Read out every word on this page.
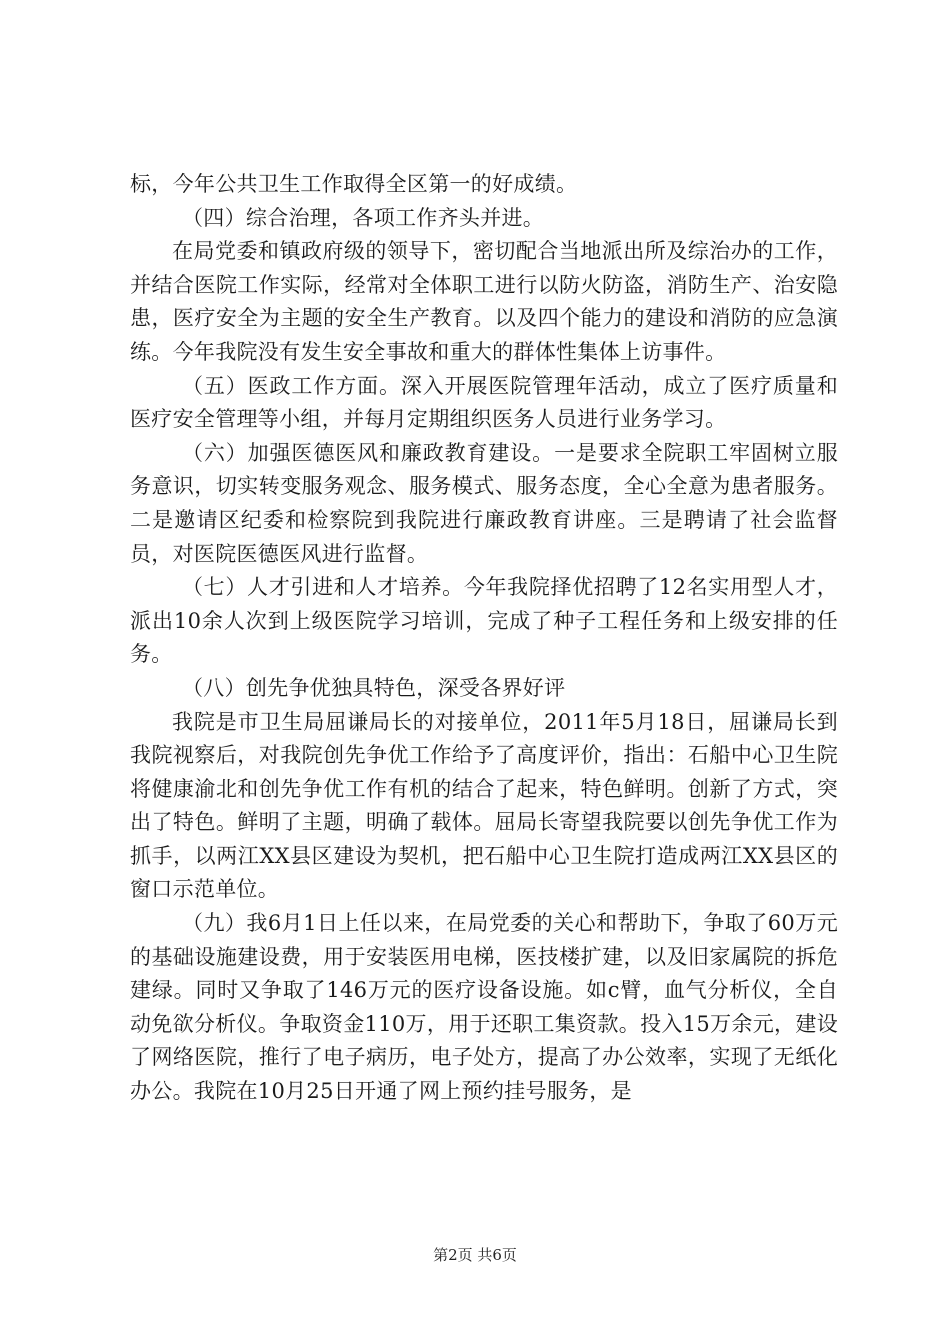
标，今年公共卫生工作取得全区第一的好成绩。

（四）综合治理，各项工作齐头并进。

在局党委和镇政府级的领导下，密切配合当地派出所及综治办的工作，并结合医院工作实际，经常对全体职工进行以防火防盗，消防生产、治安隐患，医疗安全为主题的安全生产教育。以及四个能力的建设和消防的应急演练。今年我院没有发生安全事故和重大的群体性集体上访事件。

（五）医政工作方面。深入开展医院管理年活动，成立了医疗质量和医疗安全管理等小组，并每月定期组织医务人员进行业务学习。

（六）加强医德医风和廉政教育建设。一是要求全院职工牢固树立服务意识，切实转变服务观念、服务模式、服务态度，全心全意为患者服务。二是邀请区纪委和检察院到我院进行廉政教育讲座。三是聘请了社会监督员，对医院医德医风进行监督。

（七）人才引进和人才培养。今年我院择优招聘了12名实用型人才，派出10余人次到上级医院学习培训，完成了种子工程任务和上级安排的任务。

（八）创先争优独具特色，深受各界好评

我院是市卫生局屈谦局长的对接单位，2011年5月18日，屈谦局长到我院视察后，对我院创先争优工作给予了高度评价，指出：石船中心卫生院将健康渝北和创先争优工作有机的结合了起来，特色鲜明。创新了方式，突出了特色。鲜明了主题，明确了载体。屈局长寄望我院要以创先争优工作为抓手，以两江XX县区建设为契机，把石船中心卫生院打造成两江XX县区的窗口示范单位。

（九）我6月1日上任以来，在局党委的关心和帮助下，争取了60万元的基础设施建设费，用于安装医用电梯，医技楼扩建，以及旧家属院的拆危建绿。同时又争取了146万元的医疗设备设施。如c臂，血气分析仪，全自动免欲分析仪。争取资金110万，用于还职工集资款。投入15万余元，建设了网络医院，推行了电子病历，电子处方，提高了办公效率，实现了无纸化办公。我院在10月25日开通了网上预约挂号服务，是

第2页 共6页
